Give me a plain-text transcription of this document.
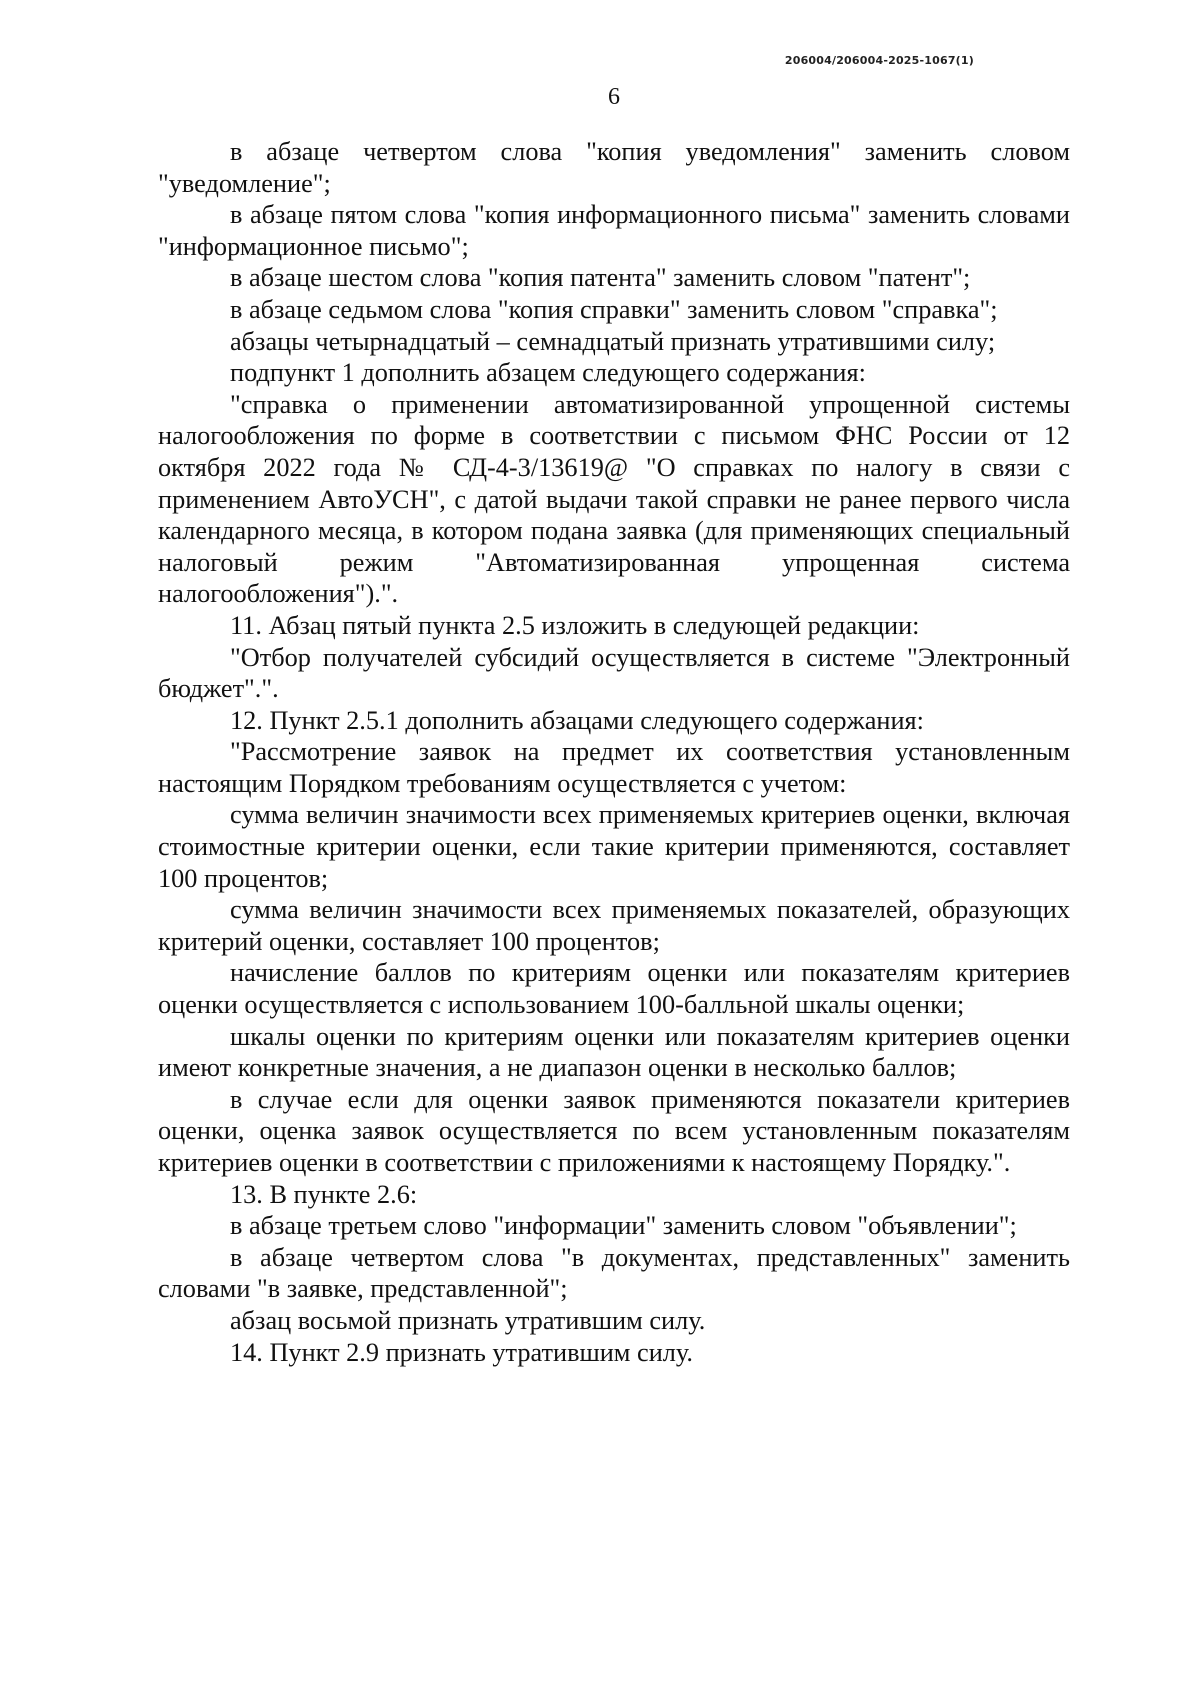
206004/206004-2025-1067(1)
6

в абзаце четвертом слова "копия уведомления" заменить словом "уведомление";

в абзаце пятом слова "копия информационного письма" заменить словами "информационное письмо";

в абзаце шестом слова "копия патента" заменить словом "патент";

в абзаце седьмом слова "копия справки" заменить словом "справка";

абзацы четырнадцатый – семнадцатый признать утратившими силу;

подпункт 1 дополнить абзацем следующего содержания:

"справка о применении автоматизированной упрощенной системы налогообложения по форме в соответствии с письмом ФНС России от 12 октября 2022 года № СД-4-3/13619@ "О справках по налогу в связи с применением АвтоУСН", с датой выдачи такой справки не ранее первого числа календарного месяца, в котором подана заявка (для применяющих специальный налоговый режим "Автоматизированная упрощенная система налогообложения").".

11. Абзац пятый пункта 2.5 изложить в следующей редакции:

"Отбор получателей субсидий осуществляется в системе "Электронный бюджет".".

12. Пункт 2.5.1 дополнить абзацами следующего содержания:

"Рассмотрение заявок на предмет их соответствия установленным настоящим Порядком требованиям осуществляется с учетом:

сумма величин значимости всех применяемых критериев оценки, включая стоимостные критерии оценки, если такие критерии применяются, составляет 100 процентов;

сумма величин значимости всех применяемых показателей, образующих критерий оценки, составляет 100 процентов;

начисление баллов по критериям оценки или показателям критериев оценки осуществляется с использованием 100-балльной шкалы оценки;

шкалы оценки по критериям оценки или показателям критериев оценки имеют конкретные значения, а не диапазон оценки в несколько баллов;

в случае если для оценки заявок применяются показатели критериев оценки, оценка заявок осуществляется по всем установленным показателям критериев оценки в соответствии с приложениями к настоящему Порядку.".

13. В пункте 2.6:

в абзаце третьем слово "информации" заменить словом "объявлении";

в абзаце четвертом слова "в документах, представленных" заменить словами "в заявке, представленной";

абзац восьмой признать утратившим силу.

14. Пункт 2.9 признать утратившим силу.
